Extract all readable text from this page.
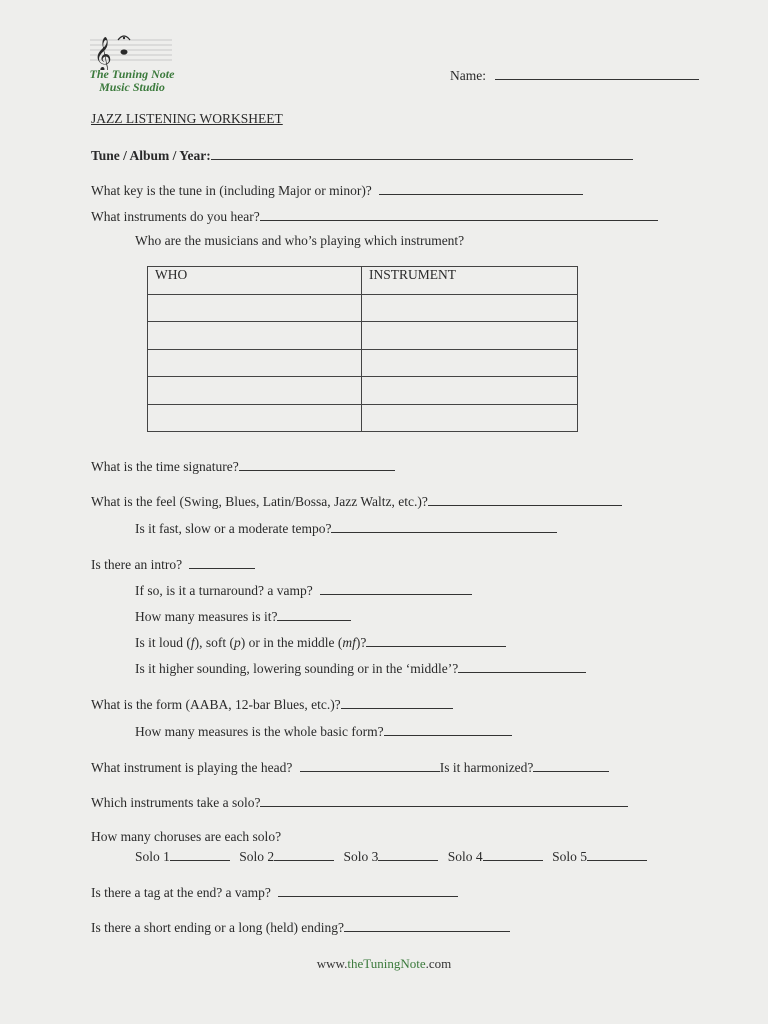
𝄞
The Tuning Note
Music Studio
Name:
JAZZ LISTENING WORKSHEET
Tune / Album / Year:
What key is the tune in (including Major or minor)?
What instruments do you hear?
Who are the musicians and who’s playing which instrument?
WHO	INSTRUMENT

What is the time signature?
What is the feel (Swing, Blues, Latin/Bossa, Jazz Waltz, etc.)?
Is it fast, slow or a moderate tempo?
Is there an intro?
If so, is it a turnaround? a vamp?
How many measures is it?
Is it loud (f), soft (p) or in the middle (mf)?
Is it higher sounding, lowering sounding or in the ‘middle’?
What is the form (AABA, 12-bar Blues, etc.)?
How many measures is the whole basic form?
What instrument is playing the head?	Is it harmonized?
Which instruments take a solo?
How many choruses are each solo?
Solo 1	Solo 2	Solo 3	Solo 4	Solo 5
Is there a tag at the end? a vamp?
Is there a short ending or a long (held) ending?
www.theTuningNote.com
